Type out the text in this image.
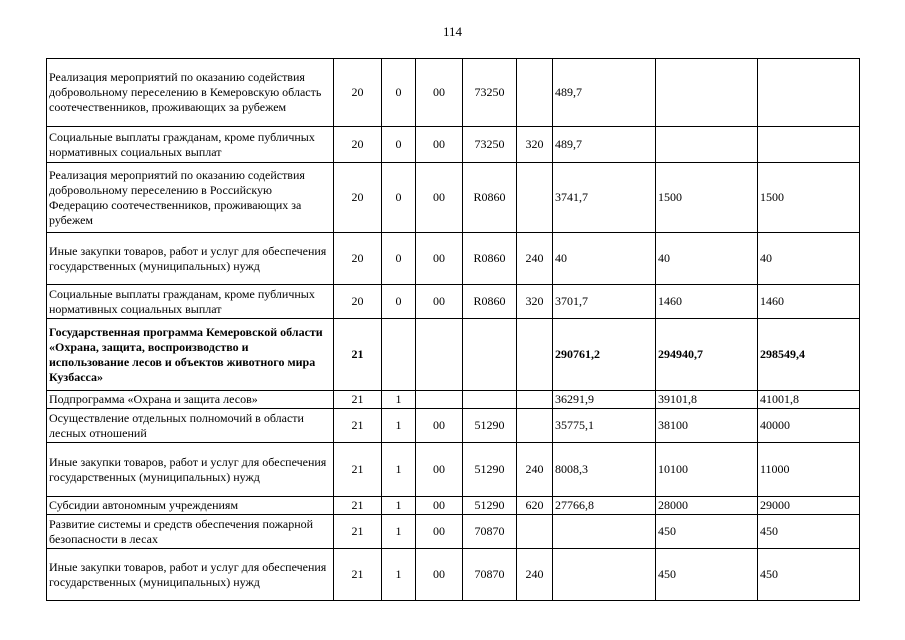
114
Реализация мероприятий по оказанию содействия добровольному переселению в Кемеровскую область соотечественников, проживающих за рубежем	20	0	00	73250		489,7		
Социальные выплаты гражданам, кроме публичных нормативных социальных выплат	20	0	00	73250	320	489,7		
Реализация мероприятий по оказанию содействия добровольному переселению в Российскую Федерацию соотечественников, проживающих за рубежем	20	0	00	R0860		3741,7	1500	1500
Иные закупки товаров, работ и услуг для обеспечения государственных (муниципальных) нужд	20	0	00	R0860	240	40	40	40
Социальные выплаты гражданам, кроме публичных нормативных социальных выплат	20	0	00	R0860	320	3701,7	1460	1460
Государственная программа Кемеровской области «Охрана, защита, воспроизводство и использование лесов и объектов животного мира Кузбасса»	21					290761,2	294940,7	298549,4
Подпрограмма «Охрана и защита лесов»	21	1				36291,9	39101,8	41001,8
Осуществление отдельных полномочий в области лесных отношений	21	1	00	51290		35775,1	38100	40000
Иные закупки товаров, работ и услуг для обеспечения государственных (муниципальных) нужд	21	1	00	51290	240	8008,3	10100	11000
Субсидии автономным учреждениям	21	1	00	51290	620	27766,8	28000	29000
Развитие системы и средств обеспечения пожарной безопасности в лесах	21	1	00	70870			450	450
Иные закупки товаров, работ и услуг для обеспечения государственных (муниципальных) нужд	21	1	00	70870	240		450	450
